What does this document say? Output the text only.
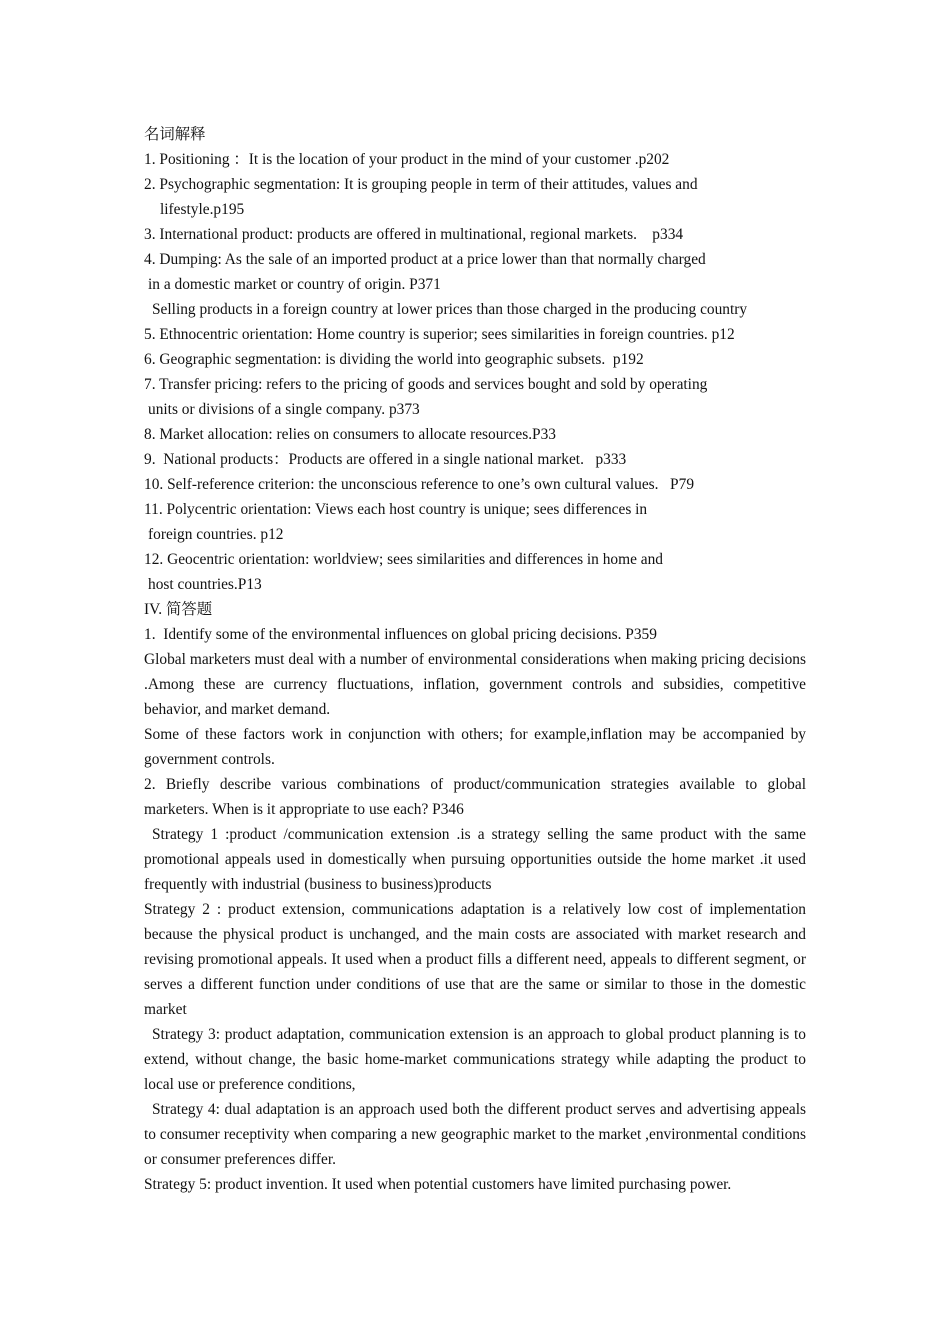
名词解释
1. Positioning ：It is the location of your product in the mind of your customer .p202
2. Psychographic segmentation: It is grouping people in term of their attitudes, values and
lifestyle.p195
3. International product: products are offered in multinational, regional markets.    p334
4. Dumping: As the sale of an imported product at a price lower than that normally charged
in a domestic market or country of origin. P371
Selling products in a foreign country at lower prices than those charged in the producing country
5. Ethnocentric orientation: Home country is superior; sees similarities in foreign countries. p12
6. Geographic segmentation: is dividing the world into geographic subsets.  p192
7. Transfer pricing: refers to the pricing of goods and services bought and sold by operating
units or divisions of a single company. p373
8. Market allocation: relies on consumers to allocate resources.P33
9.  National products：Products are offered in a single national market.   p333
10. Self-reference criterion: the unconscious reference to one’s own cultural values.   P79
11. Polycentric orientation: Views each host country is unique; sees differences in
foreign countries. p12
12. Geocentric orientation: worldview; sees similarities and differences in home and
host countries.P13
IV. 简答题
1.  Identify some of the environmental influences on global pricing decisions. P359
Global marketers must deal with a number of environmental considerations when making pricing decisions .Among these are currency fluctuations, inflation, government controls and subsidies, competitive behavior, and market demand.
Some of these factors work in conjunction with others; for example,inflation may be accompanied by government controls.
2. Briefly describe various combinations of product/communication strategies available to global marketers. When is it appropriate to use each? P346
Strategy 1 :product /communication extension .is a strategy selling the same product with the same promotional appeals used in domestically when pursuing opportunities outside the home market .it used frequently with industrial (business to business)products
Strategy 2 : product extension, communications adaptation is a relatively low cost of implementation because the physical product is unchanged, and the main costs are associated with market research and revising promotional appeals. It used when a product fills a different need, appeals to different segment, or serves a different function under conditions of use that are the same or similar to those in the domestic market
Strategy 3: product adaptation, communication extension is an approach to global product planning is to extend, without change, the basic home-market communications strategy while adapting the product to local use or preference conditions,
Strategy 4: dual adaptation is an approach used both the different product serves and advertising appeals to consumer receptivity when comparing a new geographic market to the market ,environmental conditions or consumer preferences differ.
Strategy 5: product invention. It used when potential customers have limited purchasing power.
